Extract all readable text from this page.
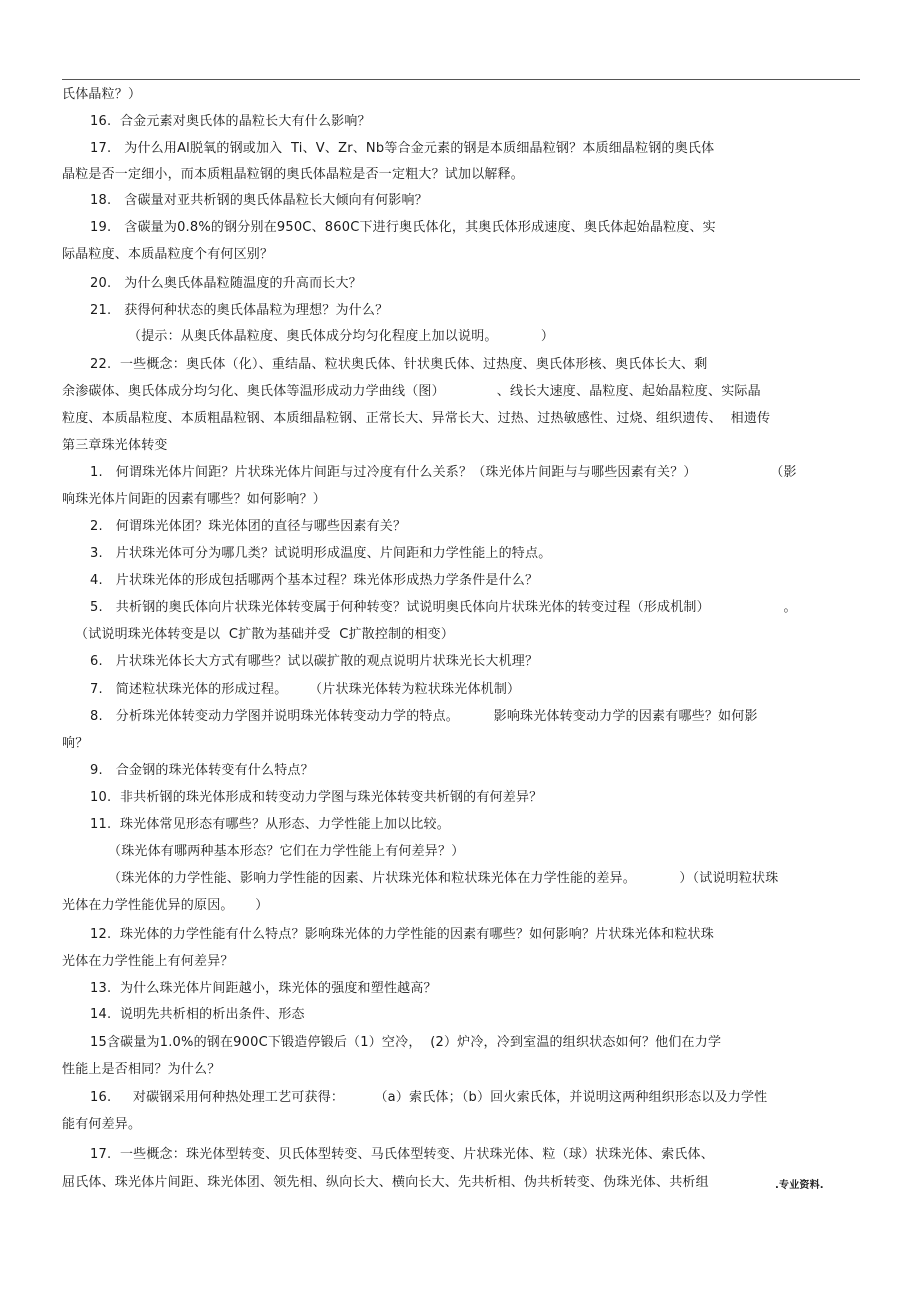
氏体晶粒？）
16.  合金元素对奥氏体的晶粒长大有什么影响？
17.   为什么用Al脱氧的钢或加入  Ti、V、Zr、Nb等合金元素的钢是本质细晶粒钢？本质细晶粒钢的奥氏体
晶粒是否一定细小，而本质粗晶粒钢的奥氏体晶粒是否一定粗大？试加以解释。
18.   含碳量对亚共析钢的奥氏体晶粒长大倾向有何影响？
19.   含碳量为0.8%的钢分别在950C、860C下进行奥氏体化，其奥氏体形成速度、奥氏体起始晶粒度、实
际晶粒度、本质晶粒度个有何区别？
20.   为什么奥氏体晶粒随温度的升高而长大？
21.   获得何种状态的奥氏体晶粒为理想？为什么？
（提示：从奥氏体晶粒度、奥氏体成分均匀化程度上加以说明。          ）
22.  一些概念：奥氏体（化）、重结晶、粒状奥氏体、针状奥氏体、过热度、奥氏体形核、奥氏体长大、剩
余渗碳体、奥氏体成分均匀化、奥氏体等温形成动力学曲线（图）            、线长大速度、晶粒度、起始晶粒度、实际晶
粒度、本质晶粒度、本质粗晶粒钢、本质细晶粒钢、正常长大、异常长大、过热、过热敏感性、过烧、组织遗传、  相遗传
第三章珠光体转变
1.   何谓珠光体片间距？片状珠光体片间距与过冷度有什么关系？（珠光体片间距与与哪些因素有关？）                 （影
响珠光体片间距的因素有哪些？如何影响？）
2.   何谓珠光体团？珠光体团的直径与哪些因素有关？
3.   片状珠光体可分为哪几类？试说明形成温度、片间距和力学性能上的特点。
4.   片状珠光体的形成包括哪两个基本过程？珠光体形成热力学条件是什么？
5.   共析钢的奥氏体向片状珠光体转变属于何种转变？试说明奥氏体向片状珠光体的转变过程（形成机制）                 。
（试说明珠光体转变是以  C扩散为基础并受  C扩散控制的相变）
6.   片状珠光体长大方式有哪些？试以碳扩散的观点说明片状珠光长大机理？
7.   简述粒状珠光体的形成过程。     （片状珠光体转为粒状珠光体机制）
8.   分析珠光体转变动力学图并说明珠光体转变动力学的特点。        影响珠光体转变动力学的因素有哪些？如何影
响？
9.   合金钢的珠光体转变有什么特点？
10.  非共析钢的珠光体形成和转变动力学图与珠光体转变共析钢的有何差异？
11.  珠光体常见形态有哪些？从形态、力学性能上加以比较。
（珠光体有哪两种基本形态？它们在力学性能上有何差异？）
（珠光体的力学性能、影响力学性能的因素、片状珠光体和粒状珠光体在力学性能的差异。          ）（试说明粒状珠
光体在力学性能优异的原因。     ）
12.  珠光体的力学性能有什么特点？影响珠光体的力学性能的因素有哪些？如何影响？片状珠光体和粒状珠
光体在力学性能上有何差异？
13.  为什么珠光体片间距越小，珠光体的强度和塑性越高？
14.  说明先共析相的析出条件、形态
15含碳量为1.0%的钢在900C下锻造停锻后（1）空冷，  (2）炉冷，冷到室温的组织状态如何？他们在力学
性能上是否相同？为什么？
16.     对碳钢采用何种热处理工艺可获得：       （a）索氏体；（b）回火索氏体，并说明这两种组织形态以及力学性
能有何差异。
17.  一些概念：珠光体型转变、贝氏体型转变、马氏体型转变、片状珠光体、粒（球）状珠光体、索氏体、
屈氏体、珠光体片间距、珠光体团、领先相、纵向长大、横向长大、先共析相、伪共析转变、伪珠光体、共析组	.专业资料.
